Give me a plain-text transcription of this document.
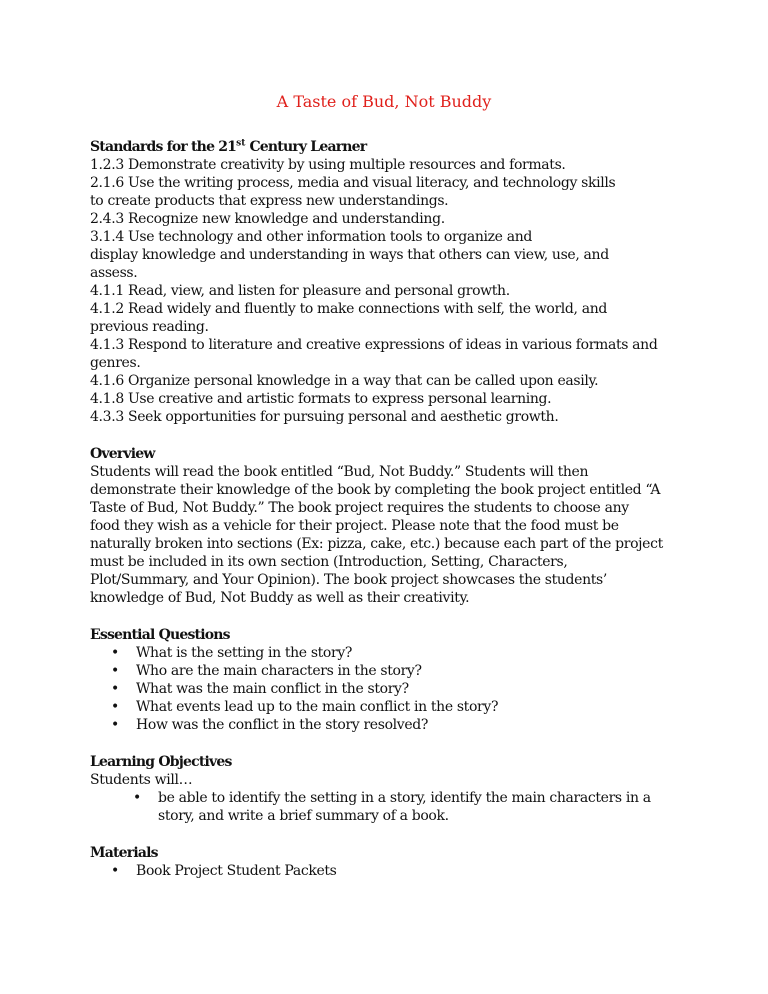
A Taste of Bud, Not Buddy
Standards for the 21st Century Learner
1.2.3 Demonstrate creativity by using multiple resources and formats.
2.1.6 Use the writing process, media and visual literacy, and technology skills
to create products that express new understandings.
2.4.3 Recognize new knowledge and understanding.
3.1.4 Use technology and other information tools to organize and
display knowledge and understanding in ways that others can view, use, and
assess.
4.1.1 Read, view, and listen for pleasure and personal growth.
4.1.2 Read widely and fluently to make connections with self, the world, and
previous reading.
4.1.3 Respond to literature and creative expressions of ideas in various formats and
genres.
4.1.6 Organize personal knowledge in a way that can be called upon easily.
4.1.8 Use creative and artistic formats to express personal learning.
4.3.3 Seek opportunities for pursuing personal and aesthetic growth.
Overview
Students will read the book entitled “Bud, Not Buddy.” Students will then
demonstrate their knowledge of the book by completing the book project entitled “A
Taste of Bud, Not Buddy.” The book project requires the students to choose any
food they wish as a vehicle for their project. Please note that the food must be
naturally broken into sections (Ex: pizza, cake, etc.) because each part of the project
must be included in its own section (Introduction, Setting, Characters,
Plot/Summary, and Your Opinion). The book project showcases the students’
knowledge of Bud, Not Buddy as well as their creativity.
Essential Questions
• What is the setting in the story?
• Who are the main characters in the story?
• What was the main conflict in the story?
• What events lead up to the main conflict in the story?
• How was the conflict in the story resolved?
Learning Objectives
Students will…
• be able to identify the setting in a story, identify the main characters in a
story, and write a brief summary of a book.
Materials
• Book Project Student Packets
